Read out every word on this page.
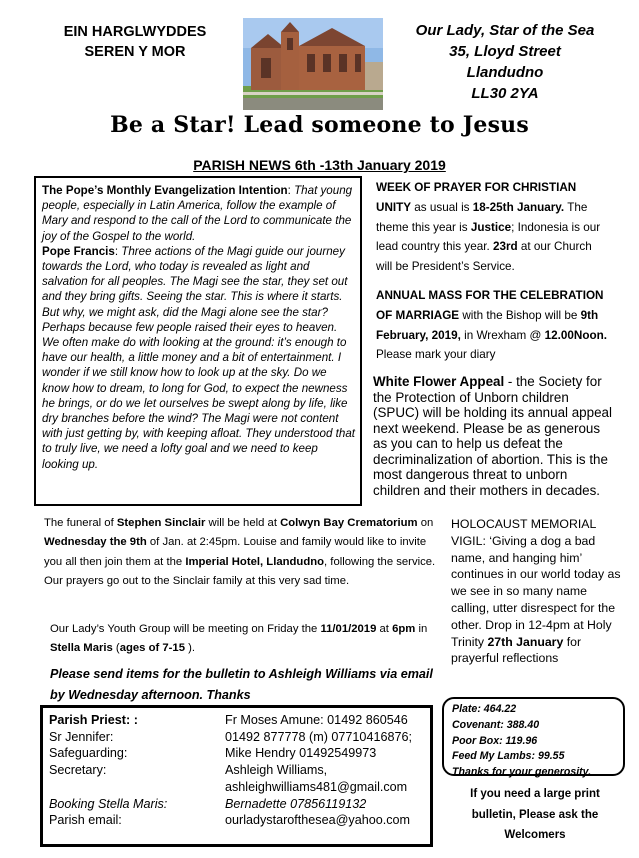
EIN HARGLWYDDES
SEREN Y MOR
Our Lady, Star of the Sea
35, Lloyd Street
Llandudno
LL30 2YA
Be a Star! Lead someone to Jesus
PARISH NEWS 6th -13th January 2019
The Pope’s Monthly Evangelization Intention: That young people, especially in Latin America, follow the example of Mary and respond to the call of the Lord to communicate the joy of the Gospel to the world.
Pope Francis: Three actions of the Magi guide our journey towards the Lord, who today is revealed as light and salvation for all peoples. The Magi see the star, they set out and they bring gifts. Seeing the star. This is where it starts. But why, we might ask, did the Magi alone see the star? Perhaps because few people raised their eyes to heaven. We often make do with looking at the ground: it’s enough to have our health, a little money and a bit of entertainment. I wonder if we still know how to look up at the sky. Do we know how to dream, to long for God, to expect the newness he brings, or do we let ourselves be swept along by life, like dry branches before the wind? The Magi were not content with just getting by, with keeping afloat. They understood that to truly live, we need a lofty goal and we need to keep looking up.

WEEK OF PRAYER FOR CHRISTIAN UNITY as usual is 18-25th January. The theme this year is Justice; Indonesia is our lead country this year. 23rd at our Church will be President’s Service.

ANNUAL MASS FOR THE CELEBRATION OF MARRIAGE with the Bishop will be 9th February, 2019, in Wrexham @ 12.00Noon. Please mark your diary

White Flower Appeal - the Society for the Protection of Unborn children (SPUC) will be holding its annual appeal next weekend. Please be as generous as you can to help us defeat the decriminalization of abortion. This is the most dangerous threat to unborn children and their mothers in decades.
The funeral of Stephen Sinclair will be held at Colwyn Bay Crematorium on Wednesday the 9th of Jan. at 2:45pm. Louise and family would like to invite you all then join them at the Imperial Hotel, Llandudno, following the service. Our prayers go out to the Sinclair family at this very sad time.
Our Lady’s Youth Group will be meeting on Friday the 11/01/2019 at 6pm in Stella Maris (ages of 7-15 ).
Please send items for the bulletin to Ashleigh Williams via email by Wednesday afternoon. Thanks
HOLOCAUST MEMORIAL VIGIL: ‘Giving a dog a bad name, and hanging him’ continues in our world today as we see in so many name calling, utter disrespect for the other. Drop in 12-4pm at Holy Trinity 27th January for prayerful reflections
Plate: 464.22
Covenant: 388.40
Poor Box: 119.96
Feed My Lambs: 99.55
Thanks for your generosity.
If you need a large print bulletin, Please ask the Welcomers
Parish Priest: :	Fr Moses Amune: 01492 860546
Sr Jennifer:	01492 877778 (m) 07710416876;
Safeguarding:	Mike Hendry 01492549973
Secretary:	Ashleigh Williams,
ashleighwilliams481@gmail.com
Booking Stella Maris:	Bernadette 07856119132
Parish email:	ourladystarofthesea@yahoo.com
